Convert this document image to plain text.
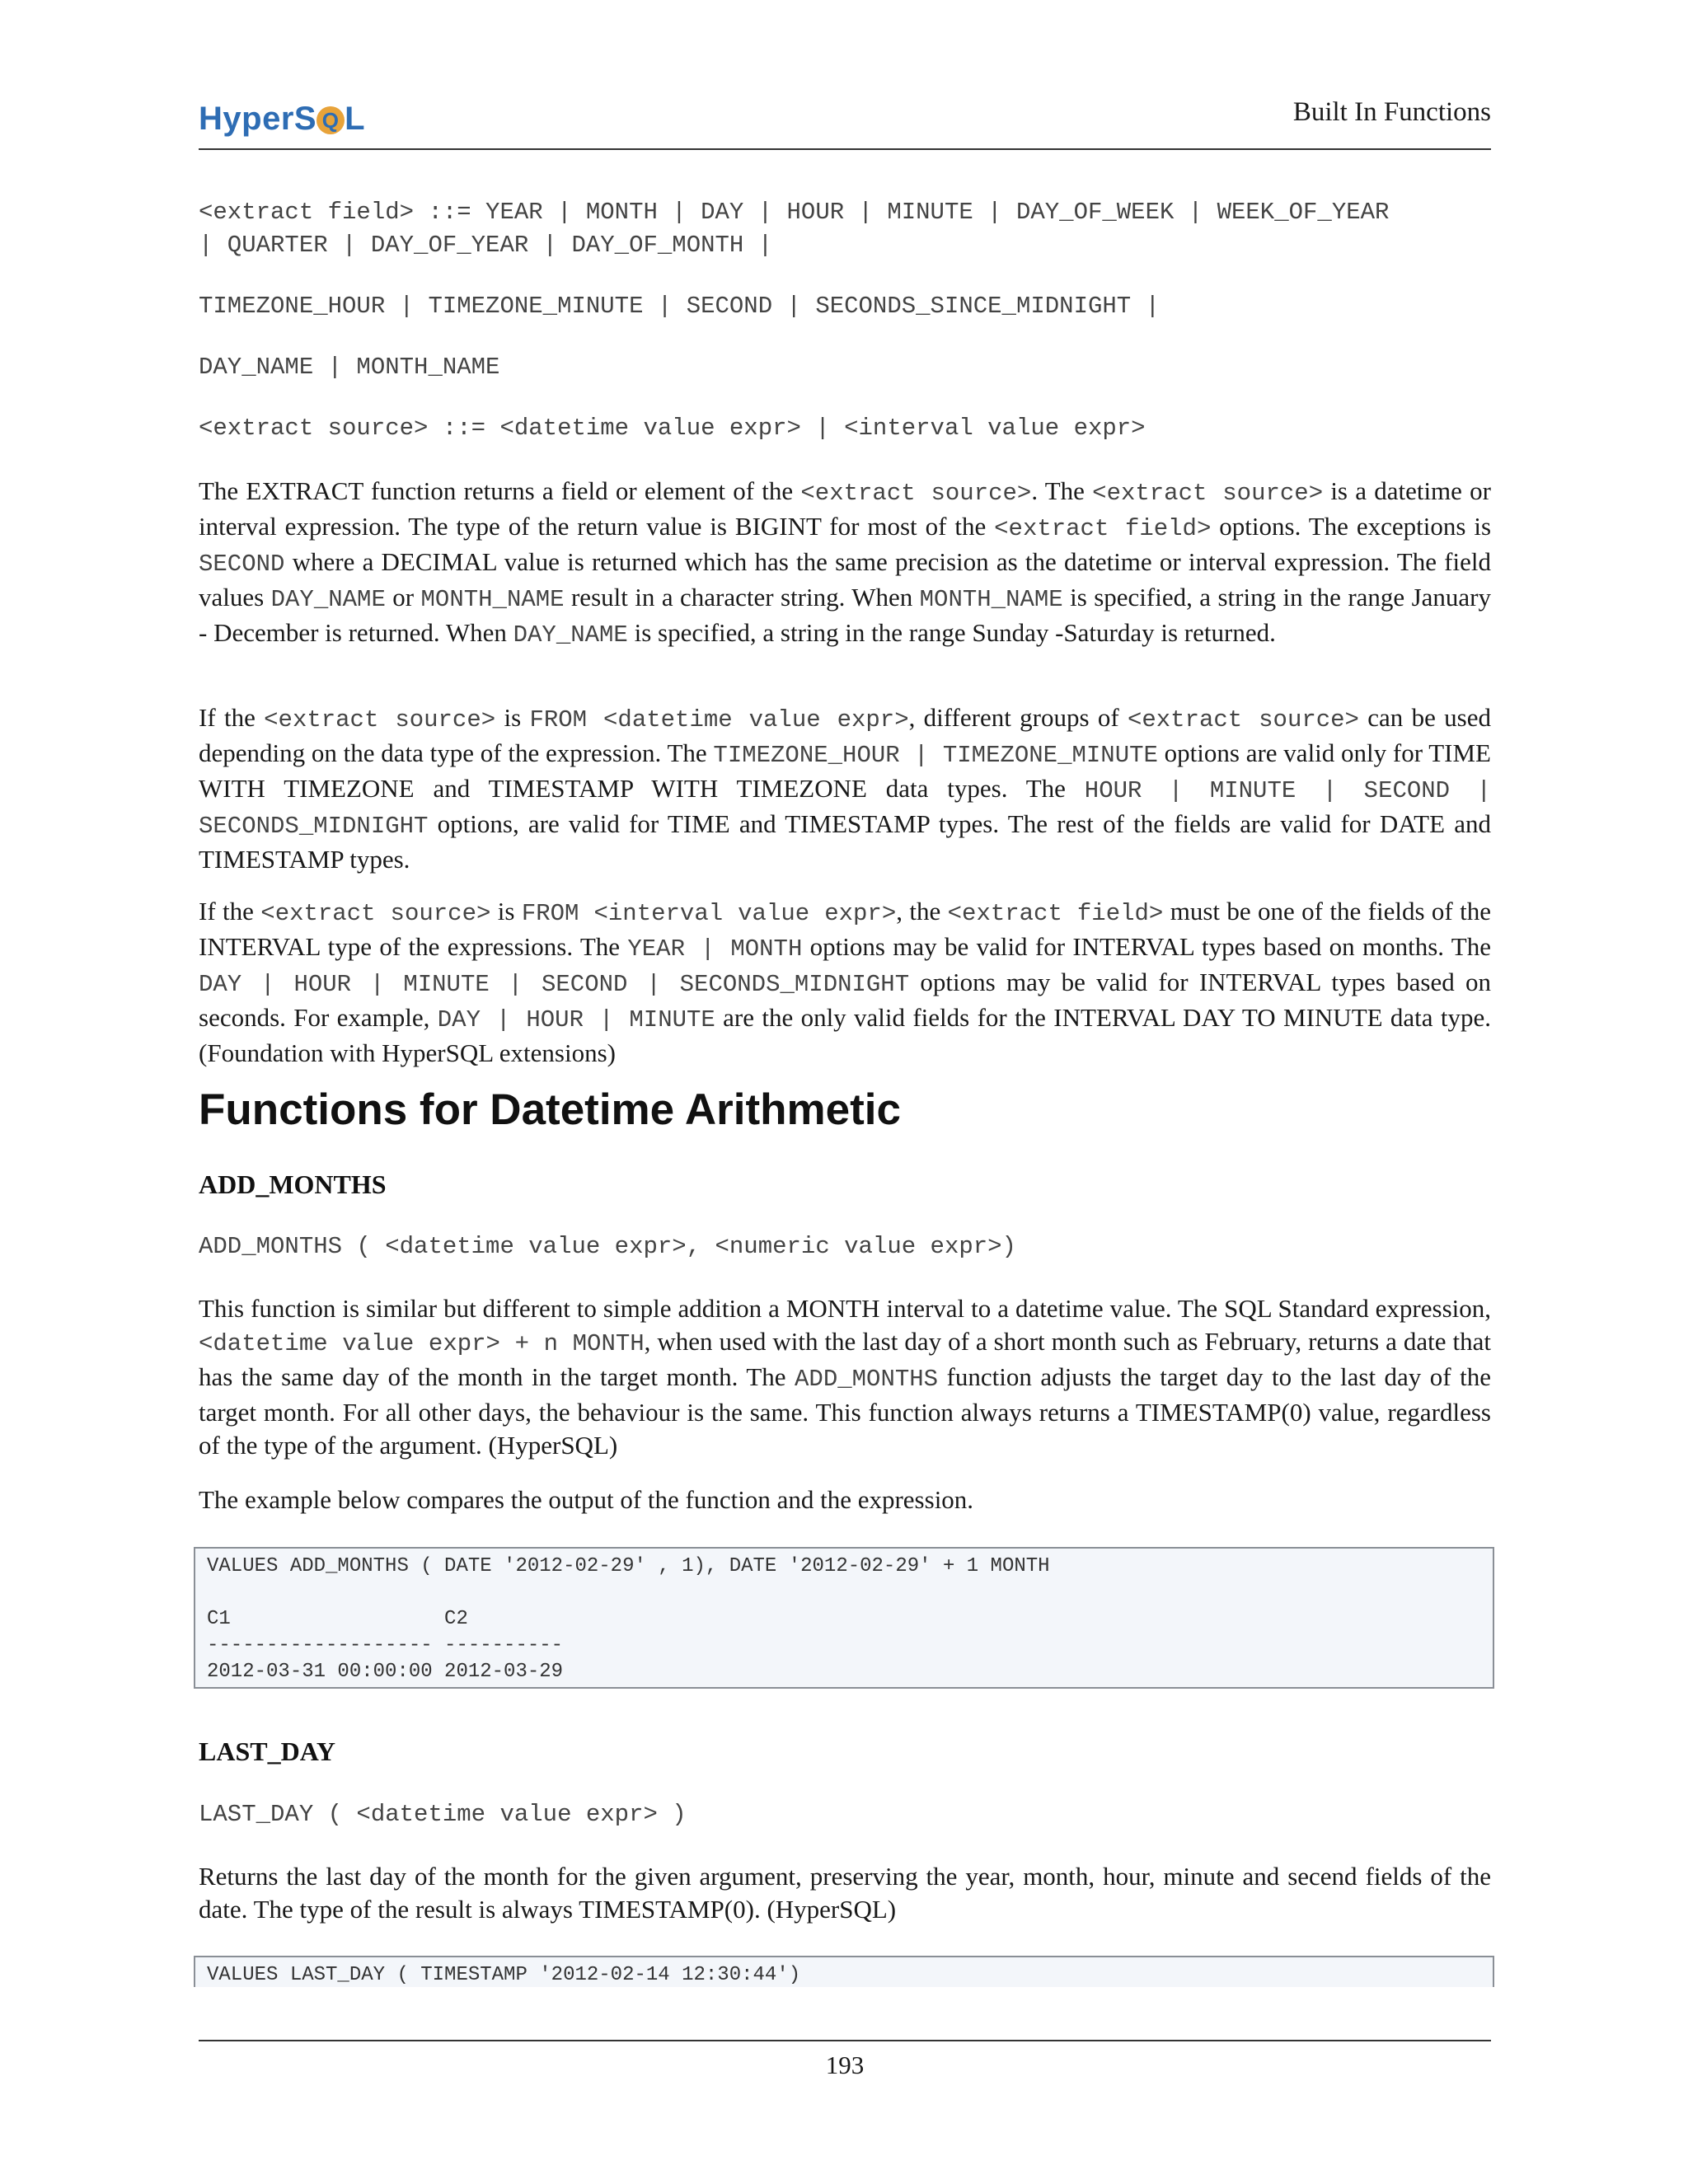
HyperS Q L	Built In Functions
<extract field> ::= YEAR | MONTH | DAY | HOUR | MINUTE | DAY_OF_WEEK | WEEK_OF_YEAR
| QUARTER | DAY_OF_YEAR | DAY_OF_MONTH |
TIMEZONE_HOUR | TIMEZONE_MINUTE | SECOND | SECONDS_SINCE_MIDNIGHT |
DAY_NAME | MONTH_NAME
<extract source> ::= <datetime value expr> | <interval value expr>
The EXTRACT function returns a field or element of the <extract source>. The <extract source> is a datetime or interval expression. The type of the return value is BIGINT for most of the <extract field> options. The exceptions is SECOND where a DECIMAL value is returned which has the same precision as the datetime or interval expression. The field values DAY_NAME or MONTH_NAME result in a character string. When MONTH_NAME is specified, a string in the range January - December is returned. When DAY_NAME is specified, a string in the range Sunday -Saturday is returned.
If the <extract source> is FROM <datetime value expr>, different groups of <extract source> can be used depending on the data type of the expression. The TIMEZONE_HOUR | TIMEZONE_MINUTE options are valid only for TIME WITH TIMEZONE and TIMESTAMP WITH TIMEZONE data types. The HOUR | MINUTE | SECOND | SECONDS_MIDNIGHT options, are valid for TIME and TIMESTAMP types. The rest of the fields are valid for DATE and TIMESTAMP types.
If the <extract source> is FROM <interval value expr>, the <extract field> must be one of the fields of the INTERVAL type of the expressions. The YEAR | MONTH options may be valid for INTERVAL types based on months. The DAY | HOUR | MINUTE | SECOND | SECONDS_MIDNIGHT options may be valid for INTERVAL types based on seconds. For example, DAY | HOUR | MINUTE are the only valid fields for the INTERVAL DAY TO MINUTE data type. (Foundation with HyperSQL extensions)
Functions for Datetime Arithmetic
ADD_MONTHS
ADD_MONTHS ( <datetime value expr>, <numeric value expr>)
This function is similar but different to simple addition a MONTH interval to a datetime value. The SQL Standard expression, <datetime value expr> + n MONTH, when used with the last day of a short month such as February, returns a date that has the same day of the month in the target month. The ADD_MONTHS function adjusts the target day to the last day of the target month. For all other days, the behaviour is the same. This function always returns a TIMESTAMP(0) value, regardless of the type of the argument. (HyperSQL)
The example below compares the output of the function and the expression.
VALUES ADD_MONTHS ( DATE '2012-02-29' , 1), DATE '2012-02-29' + 1 MONTH

C1                  C2
------------------- ----------
2012-03-31 00:00:00 2012-03-29
LAST_DAY
LAST_DAY ( <datetime value expr> )
Returns the last day of the month for the given argument, preserving the year, month, hour, minute and secend fields of the date. The type of the result is always TIMESTAMP(0). (HyperSQL)
VALUES LAST_DAY ( TIMESTAMP '2012-02-14 12:30:44')
193
